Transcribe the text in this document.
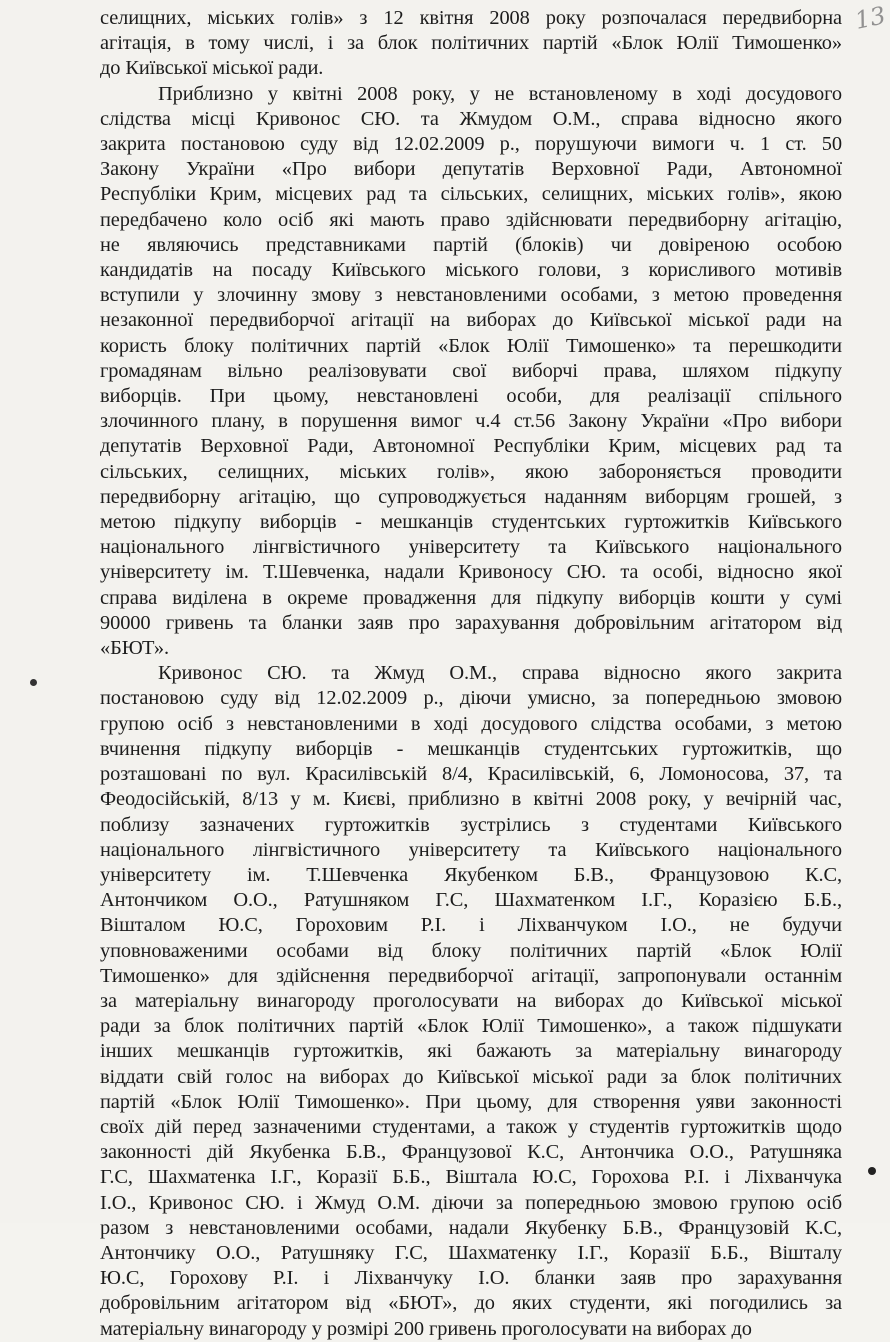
13
селищних, міських голів» з 12 квітня 2008 року розпочалася передвиборна
агітація, в тому числі, і за блок політичних партій «Блок Юлії Тимошенко»
до Київської міської ради.
Приблизно у квітні 2008 року, у не встановленому в ході досудового
слідства місці Кривонос СЮ. та Жмудом О.М., справа відносно якого
закрита постановою суду від 12.02.2009 р., порушуючи вимоги ч. 1 ст. 50
Закону України «Про вибори депутатів Верховної Ради, Автономної
Республіки Крим, місцевих рад та сільських, селищних, міських голів», якою
передбачено коло осіб які мають право здійснювати передвиборну агітацію,
не являючись представниками партій (блоків) чи довіреною особою
кандидатів на посаду Київського міського голови, з корисливого мотивів
вступили у злочинну змову з невстановленими особами, з метою проведення
незаконної передвиборчої агітації на виборах до Київської міської ради на
користь блоку політичних партій «Блок Юлії Тимошенко» та перешкодити
громадянам вільно реалізовувати свої виборчі права, шляхом підкупу
виборців. При цьому, невстановлені особи, для реалізації спільного
злочинного плану, в порушення вимог ч.4 ст.56 Закону України «Про вибори
депутатів Верховної Ради, Автономної Республіки Крим, місцевих рад та
сільських, селищних, міських голів», якою забороняється проводити
передвиборну агітацію, що супроводжується наданням виборцям грошей, з
метою підкупу виборців - мешканців студентських гуртожитків Київського
національного лінгвістичного університету та Київського національного
університету ім. Т.Шевченка, надали Кривоносу СЮ. та особі, відносно якої
справа виділена в окреме провадження для підкупу виборців кошти у сумі
90000 гривень та бланки заяв про зарахування добровільним агітатором від
«БЮТ».
Кривонос СЮ. та Жмуд О.М., справа відносно якого закрита
постановою суду від 12.02.2009 р., діючи умисно, за попередньою змовою
групою осіб з невстановленими в ході досудового слідства особами, з метою
вчинення підкупу виборців - мешканців студентських гуртожитків, що
розташовані по вул. Красилівській 8/4, Красилівській, 6, Ломоносова, 37, та
Феодосійській, 8/13 у м. Києві, приблизно в квітні 2008 року, у вечірній час,
поблизу зазначених гуртожитків зустрілись з студентами Київського
національного лінгвістичного університету та Київського національного
університету ім. Т.Шевченка Якубенком Б.В., Французовою К.С,
Антончиком О.О., Ратушняком Г.С, Шахматенком І.Г., Коразією Б.Б.,
Вішталом Ю.С, Гороховим Р.І. і Ліхванчуком І.О., не будучи
уповноваженими особами від блоку політичних партій «Блок Юлії
Тимошенко» для здійснення передвиборчої агітації, запропонували останнім
за матеріальну винагороду проголосувати на виборах до Київської міської
ради за блок політичних партій «Блок Юлії Тимошенко», а також підшукати
інших мешканців гуртожитків, які бажають за матеріальну винагороду
віддати свій голос на виборах до Київської міської ради за блок політичних
партій «Блок Юлії Тимошенко». При цьому, для створення уяви законності
своїх дій перед зазначеними студентами, а також у студентів гуртожитків щодо
законності дій Якубенка Б.В., Французової К.С, Антончика О.О., Ратушняка
Г.С, Шахматенка І.Г., Коразії Б.Б., Віштала Ю.С, Горохова Р.І. і Ліхванчука
І.О., Кривонос СЮ. і Жмуд О.М. діючи за попередньою змовою групою осіб
разом з невстановленими особами, надали Якубенку Б.В., Французовій К.С,
Антончику О.О., Ратушняку Г.С, Шахматенку І.Г., Коразії Б.Б., Вішталу
Ю.С, Горохову Р.І. і Ліхванчуку І.О. бланки заяв про зарахування
добровільним агітатором від «БЮТ», до яких студенти, які погодились за
матеріальну винагороду у розмірі 200 гривень проголосувати на виборах до
